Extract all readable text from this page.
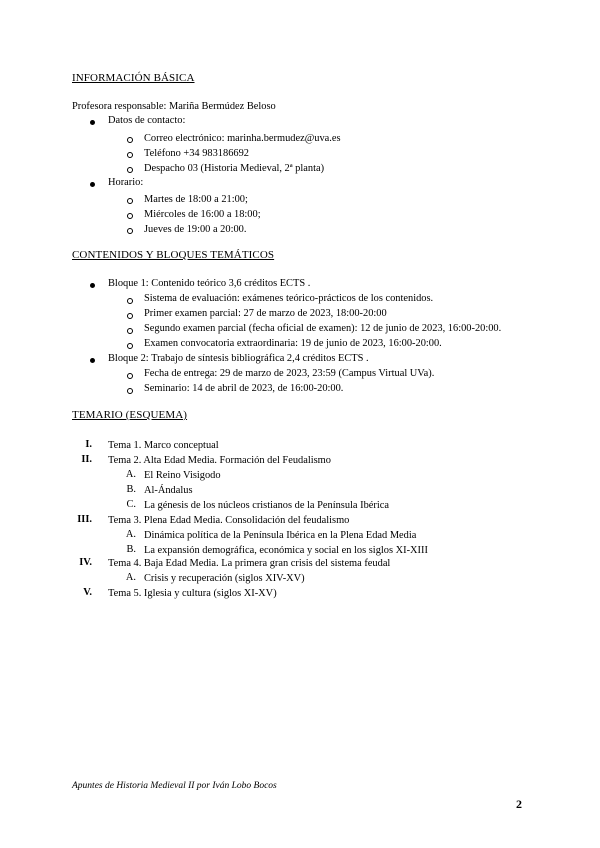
INFORMACIÓN BÁSICA
Profesora responsable: Mariña Bermúdez Beloso
Datos de contacto:
Correo electrónico: marinha.bermudez@uva.es
Teléfono +34 983186692
Despacho 03 (Historia Medieval, 2ª planta)
Horario:
Martes de 18:00 a 21:00;
Miércoles de 16:00 a 18:00;
Jueves de 19:00 a 20:00.
CONTENIDOS Y BLOQUES TEMÁTICOS
Bloque 1: Contenido teórico 3,6 créditos ECTS .
Sistema de evaluación: exámenes teórico-prácticos de los contenidos.
Primer examen parcial: 27 de marzo de 2023, 18:00-20:00
Segundo examen parcial (fecha oficial de examen): 12 de junio de 2023, 16:00-20:00.
Examen convocatoria extraordinaria: 19 de junio de 2023, 16:00-20:00.
Bloque 2: Trabajo de síntesis bibliográfica 2,4 créditos ECTS .
Fecha de entrega: 29 de marzo de 2023, 23:59 (Campus Virtual UVa).
Seminario: 14 de abril de 2023, de 16:00-20:00.
TEMARIO (ESQUEMA)
I. Tema 1. Marco conceptual
II. Tema 2. Alta Edad Media. Formación del Feudalismo
A. El Reino Visigodo
B. Al-Ándalus
C. La génesis de los núcleos cristianos de la Península Ibérica
III. Tema 3. Plena Edad Media. Consolidación del feudalismo
A. Dinámica política de la Península Ibérica en la Plena Edad Media
B. La expansión demográfica, económica y social en los siglos XI-XIII
IV. Tema 4. Baja Edad Media. La primera gran crisis del sistema feudal
A. Crisis y recuperación (siglos XIV-XV)
V. Tema 5. Iglesia y cultura (siglos XI-XV)
Apuntes de Historia Medieval II por Iván Lobo Bocos
2
